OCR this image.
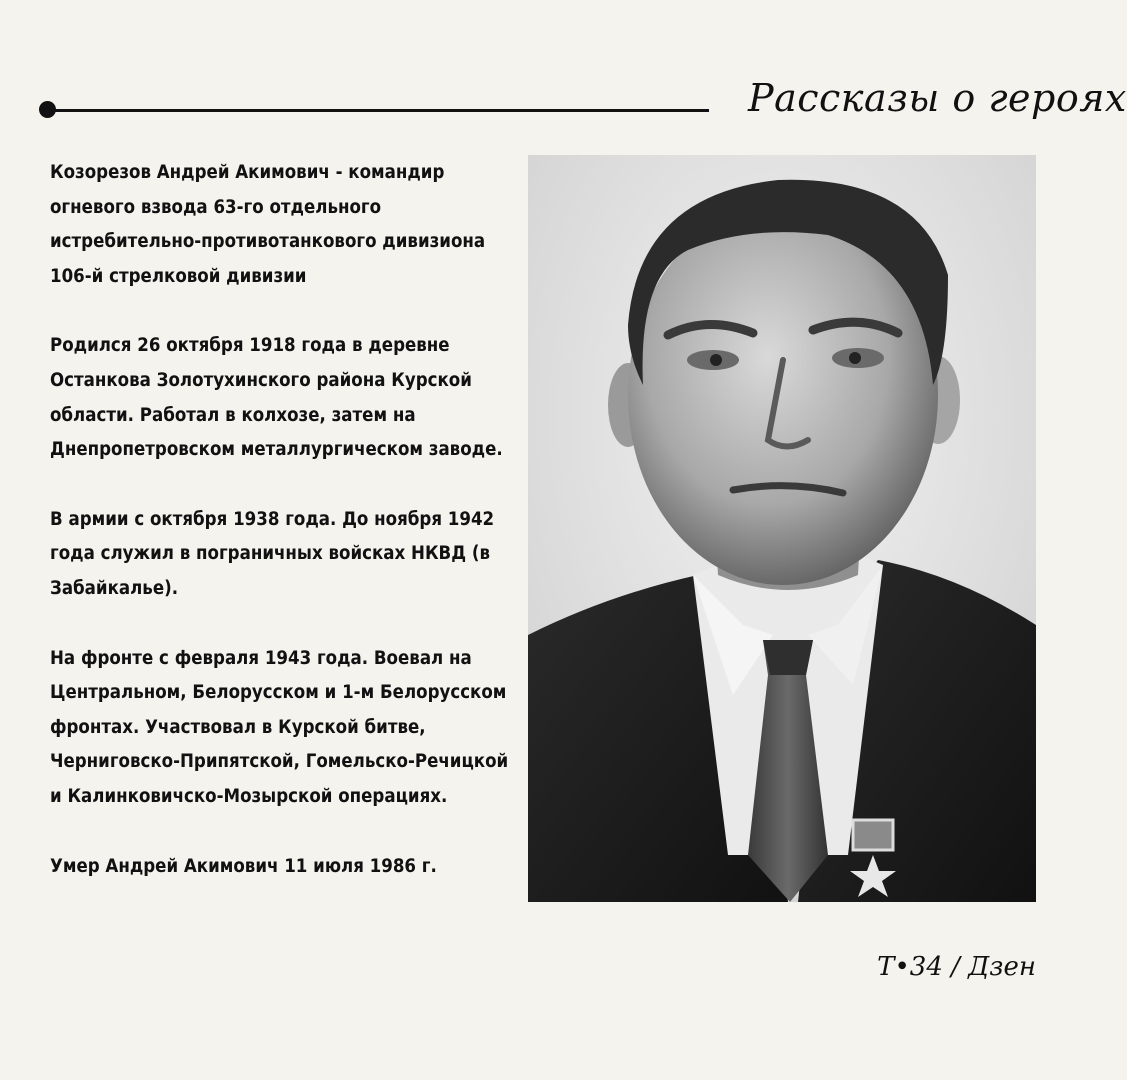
Рассказы о героях

Козорезов Андрей Акимович - командир огневого взвода 63-го отдельного истребительно-противотанкового дивизиона 106-й стрелковой дивизии

Родился 26 октября 1918 года в деревне Останкова Золотухинского района Курской области. Работал в колхозе, затем на Днепропетровском металлургическом заводе.

В армии с октября 1938 года. До ноября 1942 года служил в пограничных войсках НКВД (в Забайкалье).

На фронте с февраля 1943 года. Воевал на Центральном, Белорусском и 1-м Белорусском фронтах. Участвовал в Курской битве, Черниговско-Припятской, Гомельско-Речицкой и Калинковичско-Мозырской операциях.

Умер Андрей Акимович 11 июля 1986 г.

T•34 / Дзен
